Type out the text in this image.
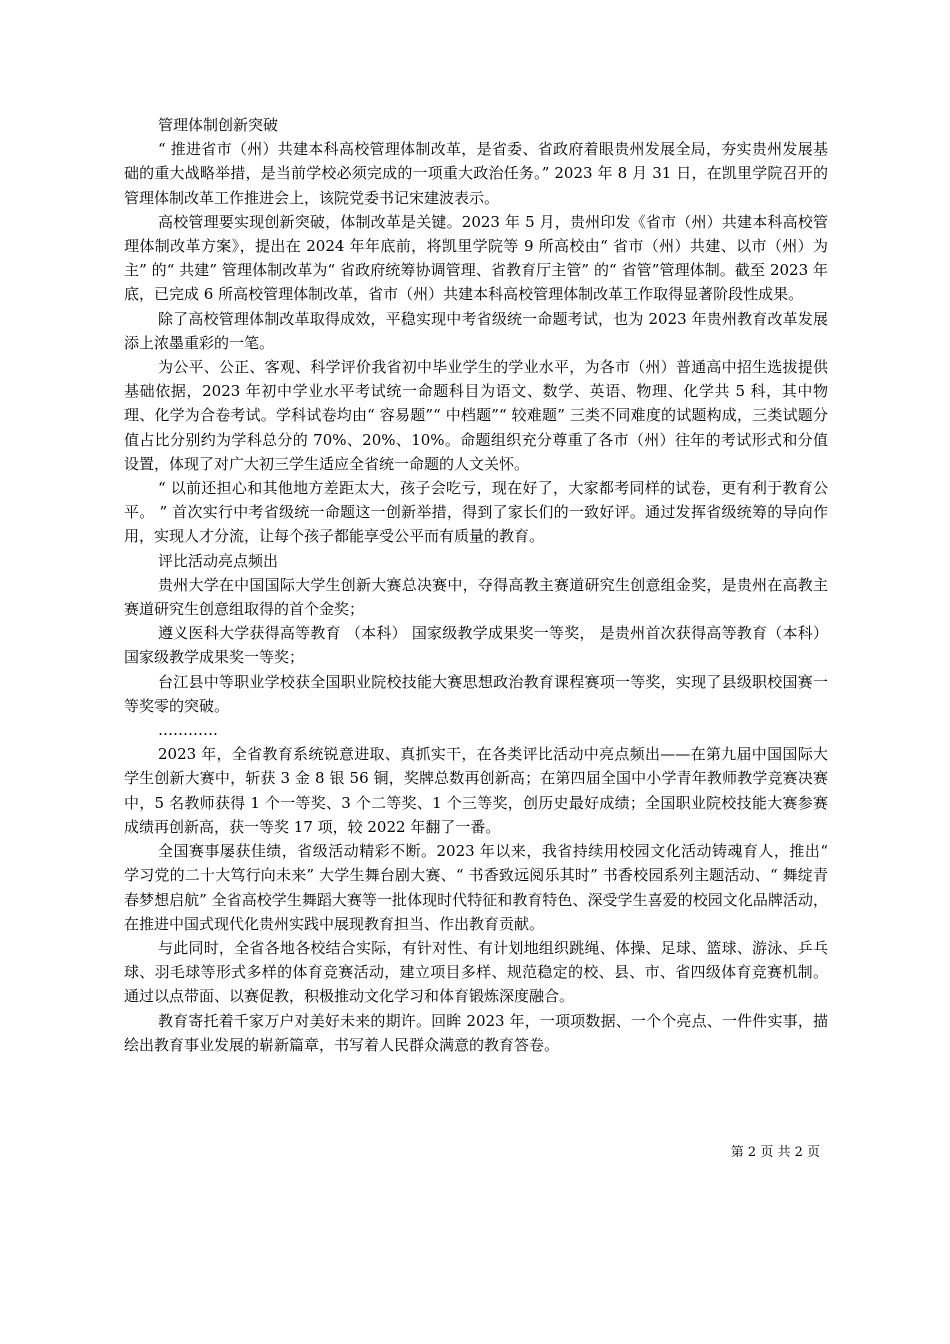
管理体制创新突破

“ 推进省市（州）共建本科高校管理体制改革，是省委、省政府着眼贵州发展全局，夯实贵州发展基础的重大战略举措，是当前学校必须完成的一项重大政治任务。” 2023 年 8 月 31 日，在凯里学院召开的管理体制改革工作推进会上，该院党委书记宋建波表示。

高校管理要实现创新突破，体制改革是关键。2023 年 5 月，贵州印发《省市（州）共建本科高校管理体制改革方案》，提出在 2024 年年底前，将凯里学院等 9 所高校由“ 省市（州）共建、以市（州）为主” 的“ 共建” 管理体制改革为“ 省政府统筹协调管理、省教育厅主管” 的“ 省管”管理体制。截至 2023 年底，已完成 6 所高校管理体制改革，省市（州）共建本科高校管理体制改革工作取得显著阶段性成果。

除了高校管理体制改革取得成效，平稳实现中考省级统一命题考试，也为 2023 年贵州教育改革发展添上浓墨重彩的一笔。

为公平、公正、客观、科学评价我省初中毕业学生的学业水平，为各市（州）普通高中招生选拔提供基础依据，2023 年初中学业水平考试统一命题科目为语文、数学、英语、物理、化学共 5 科，其中物理、化学为合卷考试。学科试卷均由“ 容易题”“ 中档题”“ 较难题” 三类不同难度的试题构成，三类试题分值占比分别约为学科总分的 70%、20%、10%。命题组织充分尊重了各市（州）往年的考试形式和分值设置，体现了对广大初三学生适应全省统一命题的人文关怀。

“ 以前还担心和其他地方差距太大，孩子会吃亏，现在好了，大家都考同样的试卷，更有利于教育公平。 ” 首次实行中考省级统一命题这一创新举措，得到了家长们的一致好评。通过发挥省级统筹的导向作用，实现人才分流，让每个孩子都能享受公平而有质量的教育。

评比活动亮点频出

贵州大学在中国国际大学生创新大赛总决赛中，夺得高教主赛道研究生创意组金奖，是贵州在高教主赛道研究生创意组取得的首个金奖；

遵义医科大学获得高等教育 （本科） 国家级教学成果奖一等奖， 是贵州首次获得高等教育（本科）国家级教学成果奖一等奖；

台江县中等职业学校获全国职业院校技能大赛思想政治教育课程赛项一等奖，实现了县级职校国赛一等奖零的突破。

…………

2023 年，全省教育系统锐意进取、真抓实干，在各类评比活动中亮点频出——在第九届中国国际大学生创新大赛中，斩获 3 金 8 银 56 铜，奖牌总数再创新高；在第四届全国中小学青年教师教学竞赛决赛中，5 名教师获得 1 个一等奖、3 个二等奖、1 个三等奖，创历史最好成绩；全国职业院校技能大赛参赛成绩再创新高，获一等奖 17 项，较 2022 年翻了一番。

全国赛事屡获佳绩，省级活动精彩不断。2023 年以来，我省持续用校园文化活动铸魂育人，推出“ 学习党的二十大笃行向未来” 大学生舞台剧大赛、“ 书香致远阅乐其时” 书香校园系列主题活动、“ 舞绽青春梦想启航” 全省高校学生舞蹈大赛等一批体现时代特征和教育特色、深受学生喜爱的校园文化品牌活动，在推进中国式现代化贵州实践中展现教育担当、作出教育贡献。

与此同时，全省各地各校结合实际，有针对性、有计划地组织跳绳、体操、足球、篮球、游泳、乒乓球、羽毛球等形式多样的体育竞赛活动，建立项目多样、规范稳定的校、县、市、省四级体育竞赛机制。通过以点带面、以赛促教，积极推动文化学习和体育锻炼深度融合。

教育寄托着千家万户对美好未来的期许。回眸 2023 年，一项项数据、一个个亮点、一件件实事，描绘出教育事业发展的崭新篇章，书写着人民群众满意的教育答卷。

第 2 页 共 2 页
